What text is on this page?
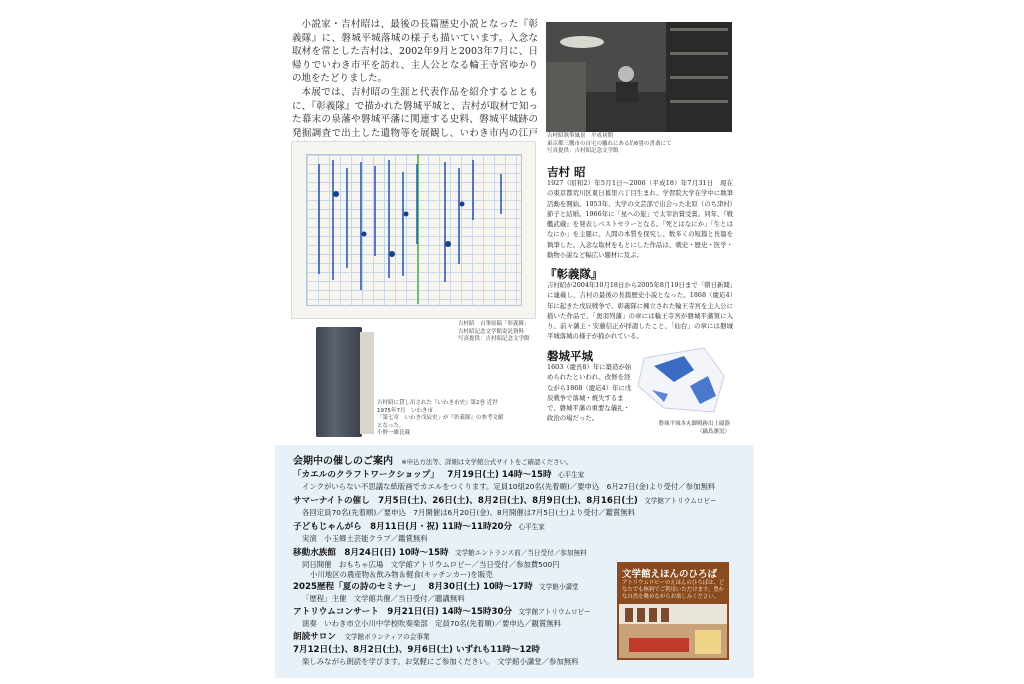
小説家・吉村昭は、最後の長篇歴史小説となった『彰義隊』に、磐城平城落城の様子も描いています。入念な取材を常とした吉村は、2002年9月と2003年7月に、日帰りでいわき市平を訪れ、主人公となる輪王寺宮ゆかりの地をたどりました。

本展では、吉村昭の生涯と代表作品を紹介するとともに、『彰義隊』で描かれた磐城平城と、吉村が取材で知った幕末の泉藩や磐城平藩に関連する史料、磐城平城跡の発掘調査で出土した遺物等を展観し、いわき市内の江戸

吉村昭　自筆原稿「彰義隊」
吉村昭記念文学館寄託資料
写真提供：吉村昭記念文学館
吉村昭に貸し出された『いわき市史』第2巻 近世
1975年7月　いわき市
「第七章　いわき戊辰史」が『彰義隊』の参考文献となった。
小野一雄氏蔵
吉村昭執筆風景　平成初期
東京都三鷹市の自宅の離れにある約6畳の書斎にて
写真提供：吉村昭記念文学館
吉村 昭
1927（昭和2）年5月1日～2006（平成18）年7月31日　現在の東京都荒川区東日暮里六丁目生まれ。学習院大学在学中に執筆活動を開始。1953年、大学の文芸部で出会った北原（のち津村）節子と結婚。1966年に「星への旅」で太宰治賞受賞。同年、『戦艦武蔵』を発表しベストセラーとなる。「死とはなにか」「生とはなにか」を主題に、人間の本質を探究し、数多くの短篇と長篇を執筆した。入念な取材をもとにした作品は、戦史・歴史・医学・動物小説など幅広い題材に及ぶ。
『彰義隊』
吉村昭が2004年10月18日から2005年8月19日まで「朝日新聞」に連載し、吉村の最後の長篇歴史小説となった。1868（慶応4）年に起きた戊辰戦争で、彰義隊に擁立された輪王寺宮を主人公に描いた作品で、「奥羽列藩」の章には輪王寺宮が磐城平藩領に入り、前々藩主・安藤信正が拝謁したこと、「仙台」の章には磐城平城落城の様子が描かれている。
磐城平城
1603（慶長8）年に築造が始められたといわれ、改修を経ながら1868（慶応4）年に戊辰戦争で落城・焼失するまで、磐城平藩の重要な儀礼・政治の場だった。
磐城平城本丸御殿跡出土磁器
（鍋島藩窯）
会期中の催しのご案内 ※申込方法等、詳細は文学館公式サイトをご確認ください。
「カエルのクラフトワークショップ」 7月19日(土) 14時～15時 心平生家
インクがいらない不思議な紙版画でカエルをつくります。定員10組20名(先着順)／要申込　6月27日(金)より受付／参加無料
サマーナイトの催し 7月5日(土)、26日(土)、8月2日(土)、8月9日(土)、8月16日(土) 文学館アトリウムロビー
各回定員70名(先着順)／要申込　7月開催は6月20日(金)、8月開催は7月5日(土)より受付／鑑賞無料
子どもじゃんがら 8月11日(月・祝) 11時～11時20分 心平生家
実演　小玉郷土芸能クラブ／鑑賞無料
移動水族館 8月24日(日) 10時～15時 文学館エントランス前／当日受付／参加無料
同日開催　おもちゃ広場　文学館アトリウムロビー／当日受付／参加費500円
小川地区の農産物＆飲み物＆軽食(キッチンカー)を販売
2025歴程「夏の詩のセミナー」 8月30日(土) 10時～17時 文学館小講堂
「歴程」主催　文学館共催／当日受付／聴講無料
アトリウムコンサート 9月21日(日) 14時～15時30分 文学館アトリウムロビー
演奏　いわき市立小川中学校吹奏楽部　定員70名(先着順)／要申込／観賞無料
朗読サロン 文学館ボランティアの会事業
7月12日(土)、8月2日(土)、9月6日(土) いずれも11時～12時
楽しみながら朗読を学びます。お気軽にご参加ください。　文学館小講堂／参加無料
文学館えほんのひろば
アトリウムロビーのえほんのひろばは、どなたでも無料でご利用いただけます。豊かな自然を眺めながらお楽しみください。
